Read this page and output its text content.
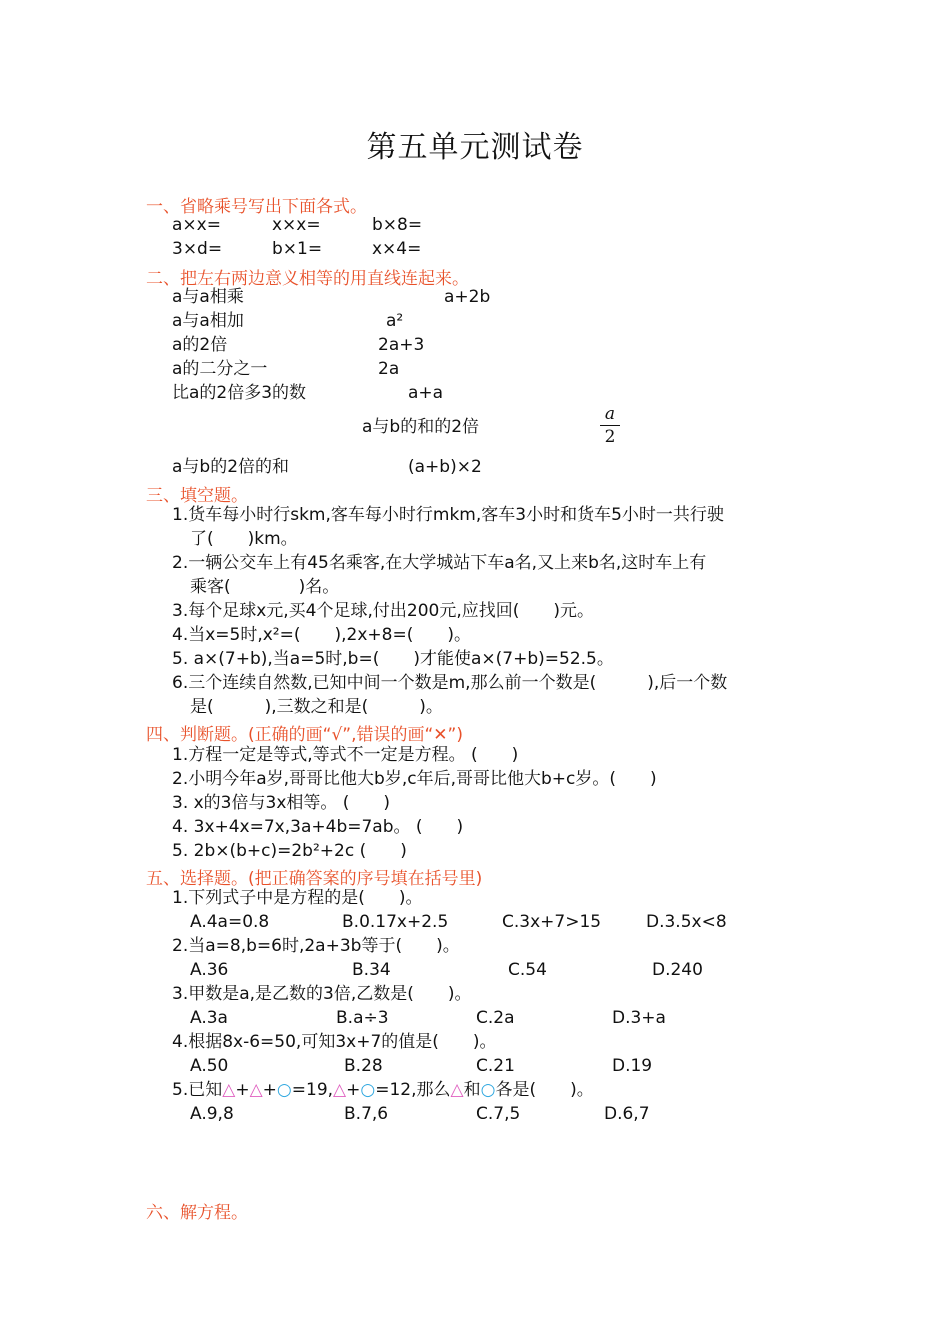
第五单元测试卷
一、省略乘号写出下面各式。
a×x=	x×x=	b×8=
3×d=	b×1=	x×4=
二、把左右两边意义相等的用直线连起来。
a与a相乘
a与a相加
a的2倍
a的二分之一
比a的2倍多3的数
a与b的和的2倍
a与b的2倍的和
a+2b
a²
2a+3
2a
a+a
a
2
(a+b)×2
三、填空题。
1.货车每小时行skm,客车每小时行mkm,客车3小时和货车5小时一共行驶
了(　　)km。
2.一辆公交车上有45名乘客,在大学城站下车a名,又上来b名,这时车上有
乘客(　　　　)名。
3.每个足球x元,买4个足球,付出200元,应找回(　　)元。
4.当x=5时,x²=(　　),2x+8=(　　)。
5. a×(7+b),当a=5时,b=(　　)才能使a×(7+b)=52.5。
6.三个连续自然数,已知中间一个数是m,那么前一个数是(　　　),后一个数
是(　　　),三数之和是(　　　)。
四、判断题。(正确的画“√”,错误的画“✕”)
1.方程一定是等式,等式不一定是方程。 (　　)
2.小明今年a岁,哥哥比他大b岁,c年后,哥哥比他大b+c岁。(　　)
3. x的3倍与3x相等。 (　　)
4. 3x+4x=7x,3a+4b=7ab。 (　　)
5. 2b×(b+c)=2b²+2c (　　)
五、选择题。(把正确答案的序号填在括号里)
1.下列式子中是方程的是(　　)。
A.4a=0.8	B.0.17x+2.5	C.3x+7>15	D.3.5x<8
2.当a=8,b=6时,2a+3b等于(　　)。
A.36	B.34	C.54	D.240
3.甲数是a,是乙数的3倍,乙数是(　　)。
A.3a	B.a÷3	C.2a	D.3+a
4.根据8x-6=50,可知3x+7的值是(　　)。
A.50	B.28	C.21	D.19
5.已知△+△+○=19,△+○=12,那么△和○各是(　　 )。
A.9,8	B.7,6	C.7,5	D.6,7
六、解方程。
